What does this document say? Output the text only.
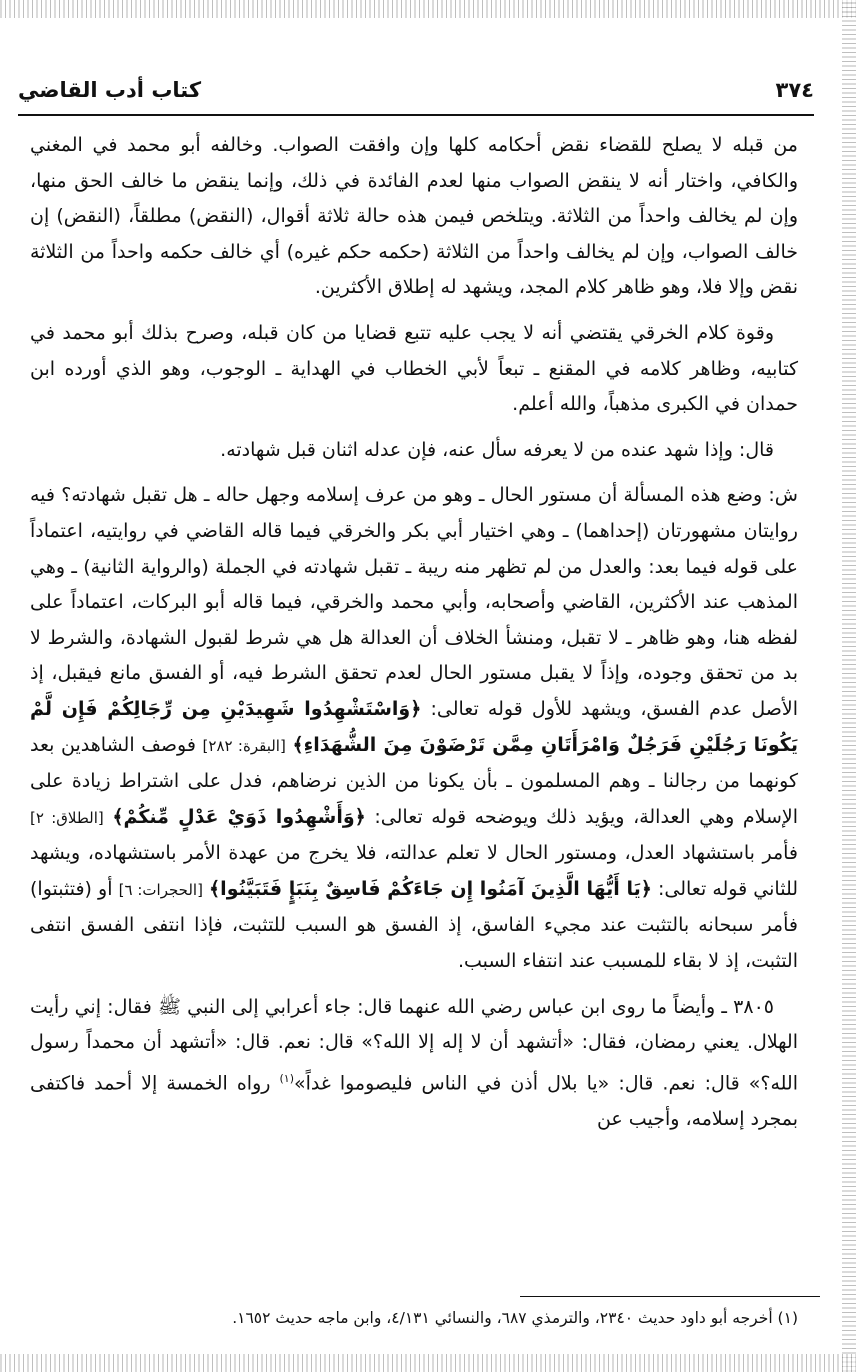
٣٧٤
كتاب أدب القاضي

من قبله لا يصلح للقضاء نقض أحكامه كلها وإن وافقت الصواب. وخالفه أبو محمد في المغني والكافي، واختار أنه لا ينقض الصواب منها لعدم الفائدة في ذلك، وإنما ينقض ما خالف الحق منها، وإن لم يخالف واحداً من الثلاثة. ويتلخص فيمن هذه حالة ثلاثة أقوال، (النقض) مطلقاً، (النقض) إن خالف الصواب، وإن لم يخالف واحداً من الثلاثة (حكمه حكم غيره) أي خالف حكمه واحداً من الثلاثة نقض وإلا فلا، وهو ظاهر كلام المجد، ويشهد له إطلاق الأكثرين.

وقوة كلام الخرقي يقتضي أنه لا يجب عليه تتبع قضايا من كان قبله، وصرح بذلك أبو محمد في كتابيه، وظاهر كلامه في المقنع ـ تبعاً لأبي الخطاب في الهداية ـ الوجوب، وهو الذي أورده ابن حمدان في الكبرى مذهباً، والله أعلم.

قال: وإذا شهد عنده من لا يعرفه سأل عنه، فإن عدله اثنان قبل شهادته.

ش: وضع هذه المسألة أن مستور الحال ـ وهو من عرف إسلامه وجهل حاله ـ هل تقبل شهادته؟ فيه روايتان مشهورتان (إحداهما) ـ وهي اختيار أبي بكر والخرقي فيما قاله القاضي في روايتيه، اعتماداً على قوله فيما بعد: والعدل من لم تظهر منه ريبة ـ تقبل شهادته في الجملة (والرواية الثانية) ـ وهي المذهب عند الأكثرين، القاضي وأصحابه، وأبي محمد والخرقي، فيما قاله أبو البركات، اعتماداً على لفظه هنا، وهو ظاهر ـ لا تقبل، ومنشأ الخلاف أن العدالة هل هي شرط لقبول الشهادة، والشرط لا بد من تحقق وجوده، وإذاً لا يقبل مستور الحال لعدم تحقق الشرط فيه، أو الفسق مانع فيقبل، إذ الأصل عدم الفسق، ويشهد للأول قوله تعالى: ﴿وَاسْتَشْهِدُوا شَهِيدَيْنِ مِن رِّجَالِكُمْ فَإِن لَّمْ يَكُونَا رَجُلَيْنِ فَرَجُلٌ وَامْرَأَتَانِ مِمَّن تَرْضَوْنَ مِنَ الشُّهَدَاءِ﴾ [البقرة: ٢٨٢] فوصف الشاهدين بعد كونهما من رجالنا ـ وهم المسلمون ـ بأن يكونا من الذين نرضاهم، فدل على اشتراط زيادة على الإسلام وهي العدالة، ويؤيد ذلك ويوضحه قوله تعالى: ﴿وَأَشْهِدُوا ذَوَيْ عَدْلٍ مِّنكُمْ﴾ [الطلاق: ٢] فأمر باستشهاد العدل، ومستور الحال لا تعلم عدالته، فلا يخرج من عهدة الأمر باستشهاده، ويشهد للثاني قوله تعالى: ﴿يَا أَيُّهَا الَّذِينَ آمَنُوا إِن جَاءَكُمْ فَاسِقٌ بِنَبَإٍ فَتَبَيَّنُوا﴾ [الحجرات: ٦] أو (فتثبتوا) فأمر سبحانه بالتثبت عند مجيء الفاسق، إذ الفسق هو السبب للتثبت، فإذا انتفى الفسق انتفى التثبت، إذ لا بقاء للمسبب عند انتفاء السبب.

٣٨٠٥ ـ وأيضاً ما روى ابن عباس رضي الله عنهما قال: جاء أعرابي إلى النبي ﷺ فقال: إني رأيت الهلال. يعني رمضان، فقال: «أتشهد أن لا إله إلا الله؟» قال: نعم. قال: «أتشهد أن محمداً رسول الله؟» قال: نعم. قال: «يا بلال أذن في الناس فليصوموا غداً»$^{(١)}$ رواه الخمسة إلا أحمد فاكتفى بمجرد إسلامه، وأجيب عن

(١) أخرجه أبو داود حديث ٢٣٤٠، والترمذي ٦٨٧، والنسائي ٤/١٣١، وابن ماجه حديث ١٦٥٢.
